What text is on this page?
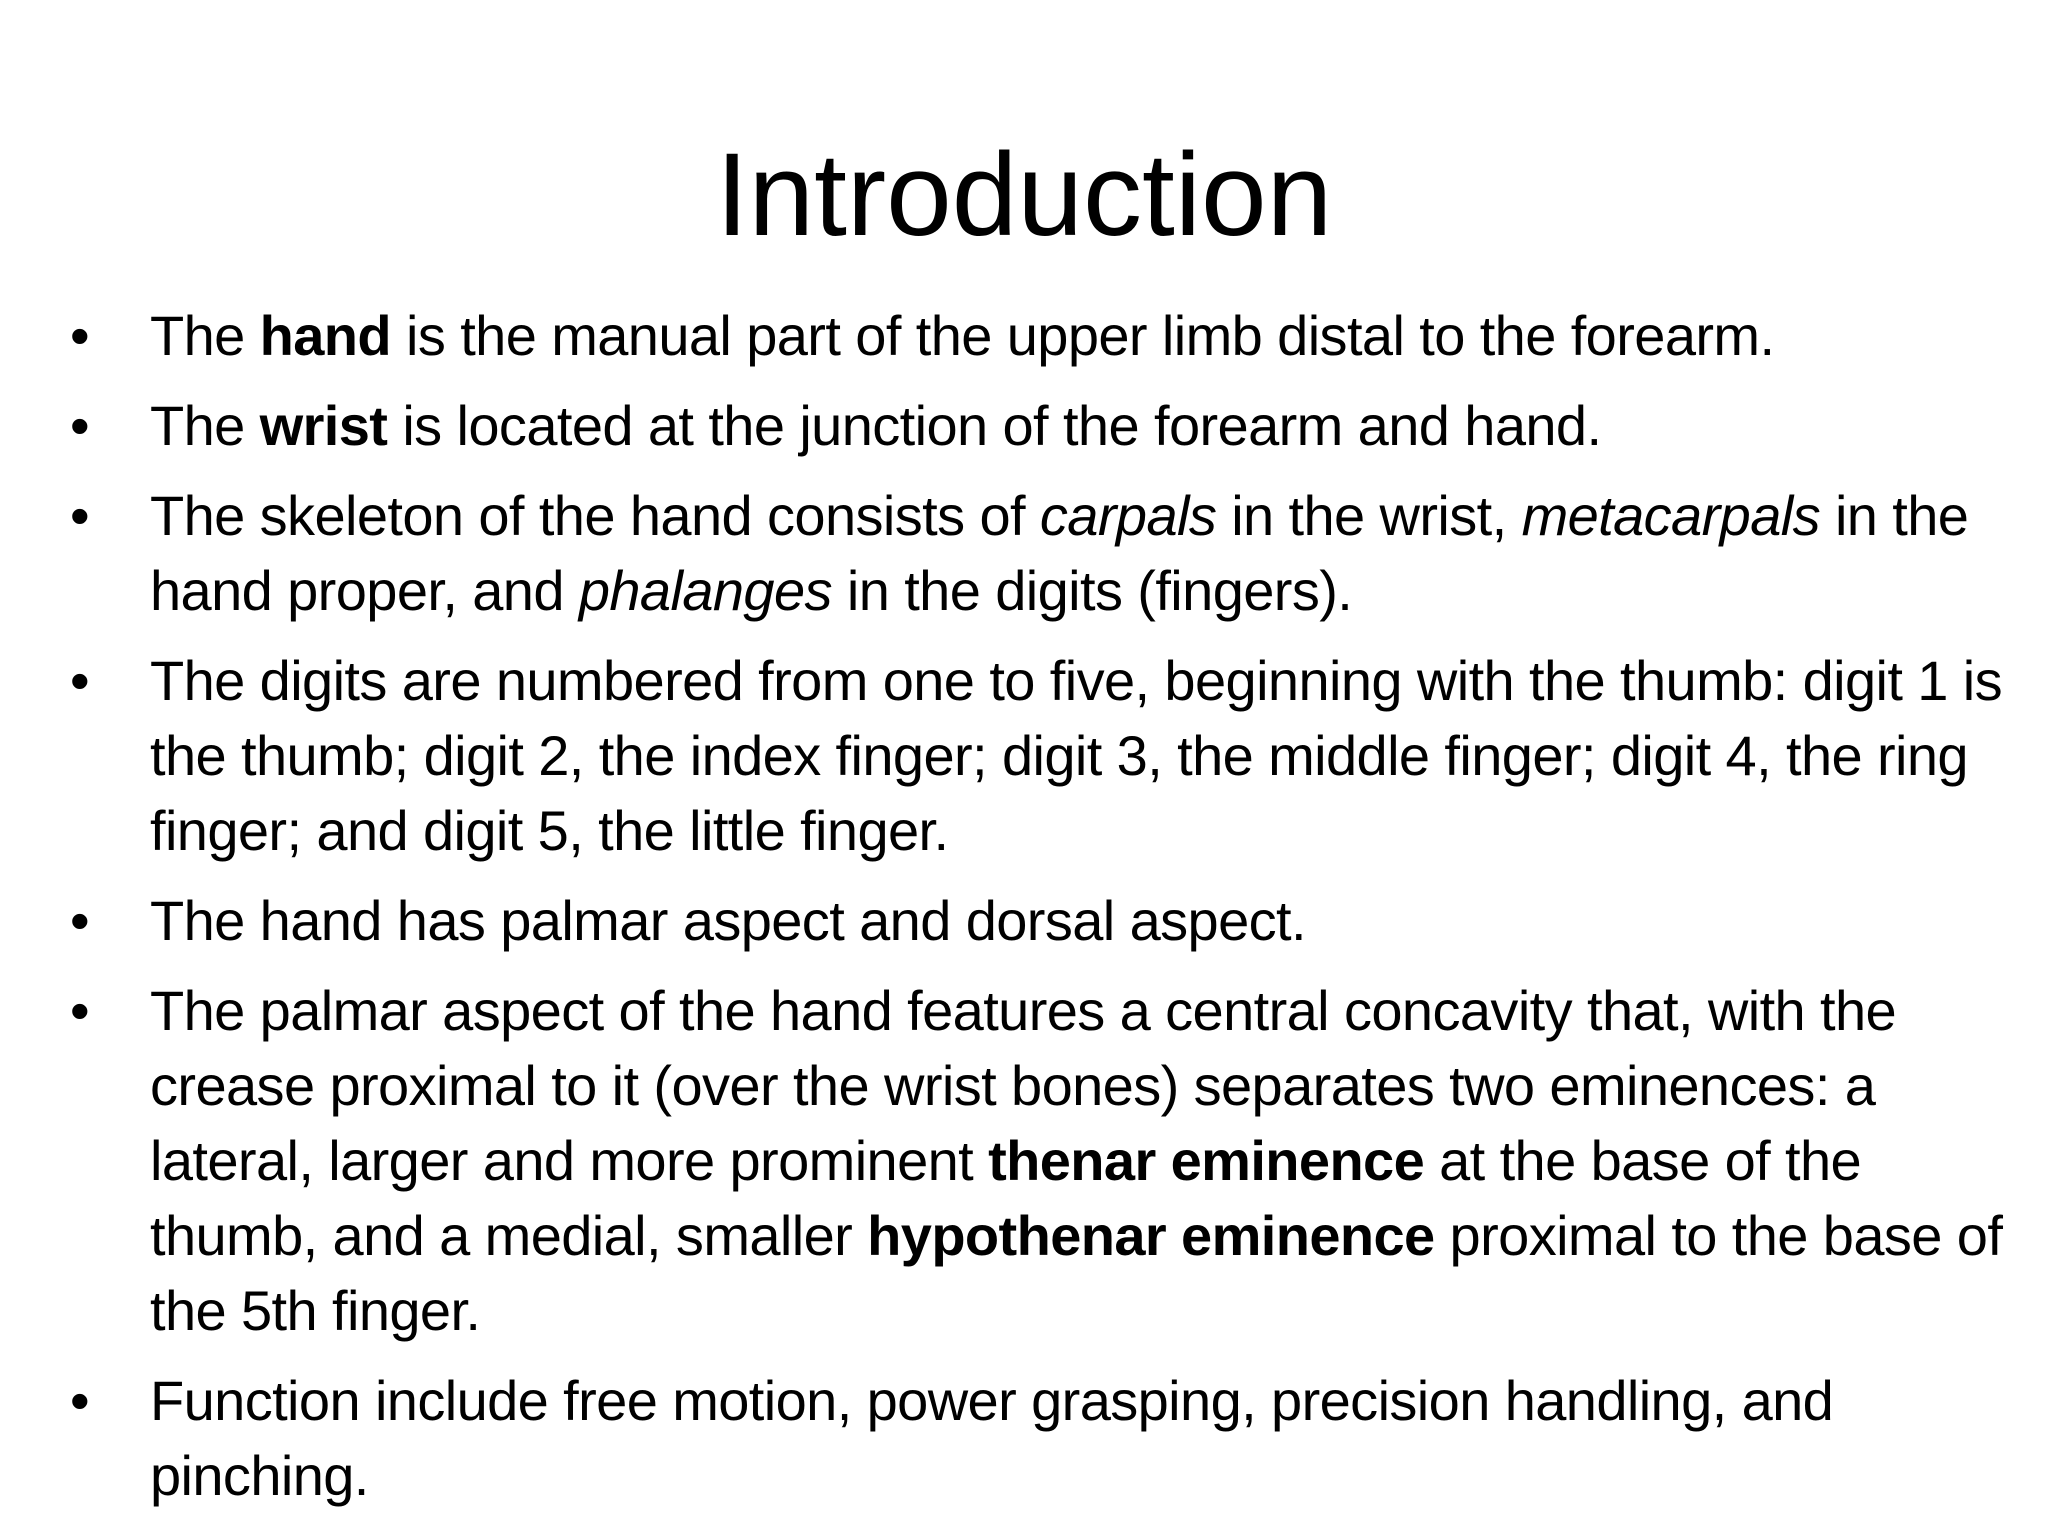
Introduction
•	The hand is the manual part of the upper limb distal to the forearm.
•	The wrist is located at the junction of the forearm and hand.
•	The skeleton of the hand consists of carpals in the wrist, metacarpals in the hand proper, and phalanges in the digits (fingers).
•	The digits are numbered from one to five, beginning with the thumb: digit 1 is the thumb; digit 2, the index finger; digit 3, the middle finger; digit 4, the ring finger; and digit 5, the little finger.
•	The hand has palmar aspect and dorsal aspect.
•	The palmar aspect of the hand features a central concavity that, with the crease proximal to it (over the wrist bones) separates two eminences: a lateral, larger and more prominent thenar eminence at the base of the thumb, and a medial, smaller hypothenar eminence proximal to the base of the 5th finger.
•	Function include free motion, power grasping, precision handling, and pinching.
